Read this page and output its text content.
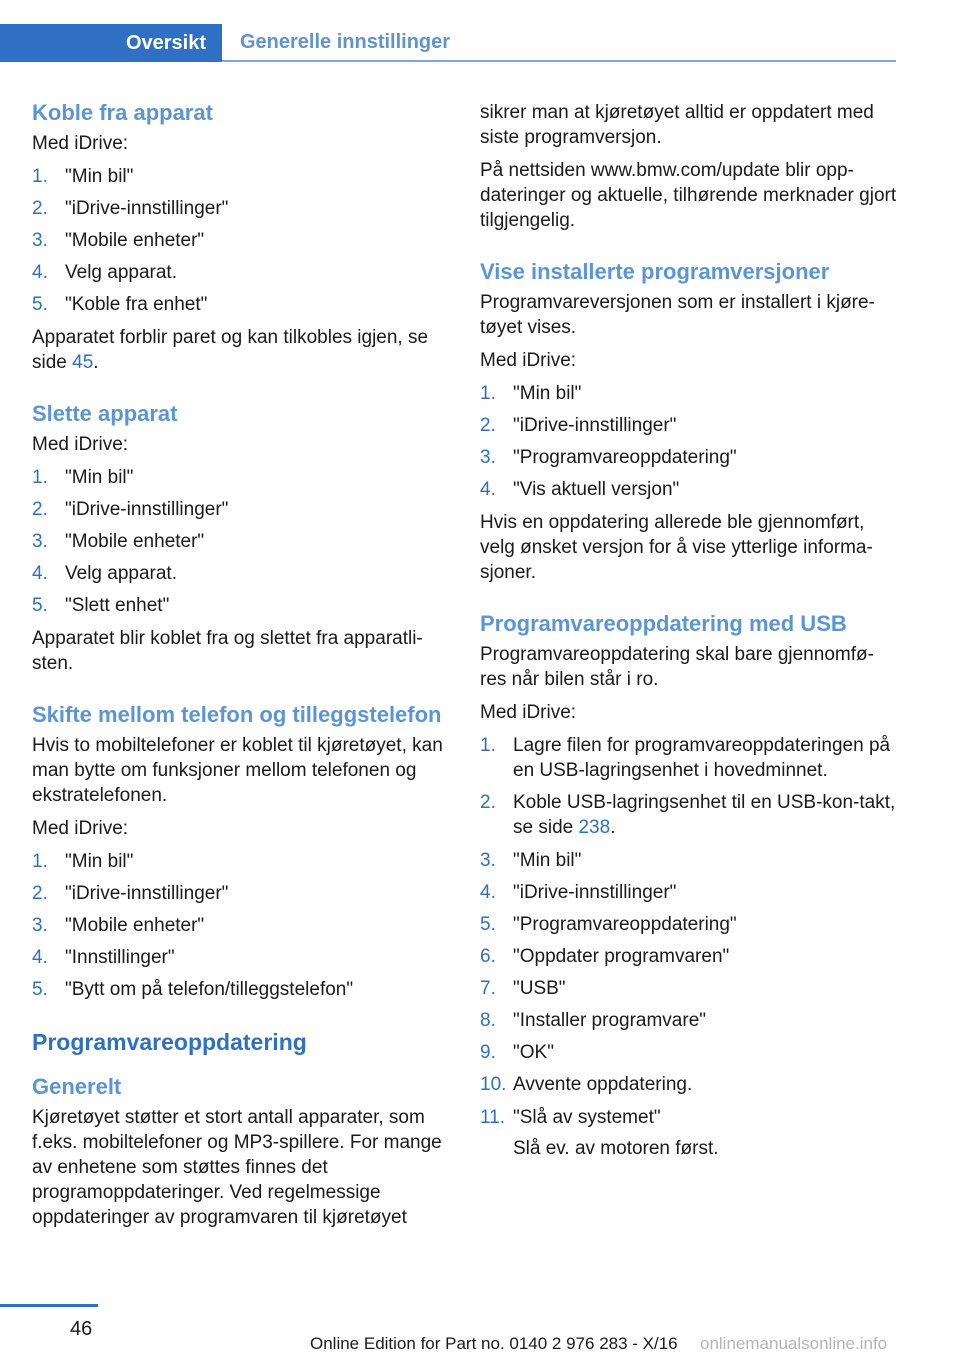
Oversikt	Generelle innstillinger
Koble fra apparat

Med iDrive:

1. "Min bil"
2. "iDrive-innstillinger"
3. "Mobile enheter"
4. Velg apparat.
5. "Koble fra enhet"

Apparatet forblir paret og kan tilkobles igjen, se side 45.

Slette apparat

Med iDrive:

1. "Min bil"
2. "iDrive-innstillinger"
3. "Mobile enheter"
4. Velg apparat.
5. "Slett enhet"

Apparatet blir koblet fra og slettet fra apparatli-sten.

Skifte mellom telefon og tilleggstelefon

Hvis to mobiltelefoner er koblet til kjøretøyet, kan man bytte om funksjoner mellom telefonen og ekstratelefonen.

Med iDrive:

1. "Min bil"
2. "iDrive-innstillinger"
3. "Mobile enheter"
4. "Innstillinger"
5. "Bytt om på telefon/tilleggstelefon"
Programvareoppdatering
Generelt

Kjøretøyet støtter et stort antall apparater, som f.eks. mobiltelefoner og MP3-spillere. For mange av enhetene som støttes finnes det programoppdateringer. Ved regelmessige oppdateringer av programvaren til kjøretøyet

sikrer man at kjøretøyet alltid er oppdatert med siste programversjon.

På nettsiden www.bmw.com/update blir opp-dateringer og aktuelle, tilhørende merknader gjort tilgjengelig.

Vise installerte programversjoner

Programvareversjonen som er installert i kjøre-tøyet vises.

Med iDrive:

1. "Min bil"
2. "iDrive-innstillinger"
3. "Programvareoppdatering"
4. "Vis aktuell versjon"

Hvis en oppdatering allerede ble gjennomført, velg ønsket versjon for å vise ytterlige informa-sjoner.

Programvareoppdatering med USB

Programvareoppdatering skal bare gjennomfø-res når bilen står i ro.

Med iDrive:

1. Lagre filen for programvareoppdateringen på en USB-lagringsenhet i hovedminnet.
2. Koble USB-lagringsenhet til en USB-kon-takt, se side 238.
3. "Min bil"
4. "iDrive-innstillinger"
5. "Programvareoppdatering"
6. "Oppdater programvaren"
7. "USB"
8. "Installer programvare"
9. "OK"
10. Avvente oppdatering.
11. "Slå av systemet"
Slå ev. av motoren først.
46
Online Edition for Part no. 0140 2 976 283 - X/16 onlinemanualsonline.info
